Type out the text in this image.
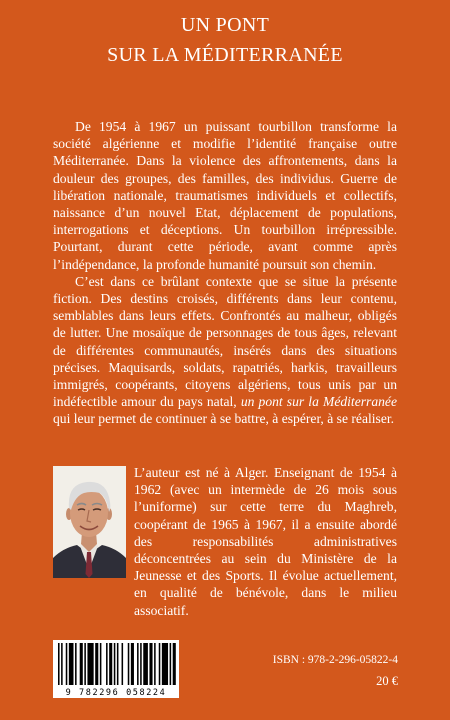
UN PONT
SUR LA MÉDITERRANÉE

De 1954 à 1967 un puissant tourbillon transforme la société algérienne et modifie l’identité française outre Méditerranée. Dans la violence des affrontements, dans la douleur des groupes, des familles, des individus. Guerre de libération nationale, traumatismes individuels et collectifs, naissance d’un nouvel Etat, déplacement de populations, interrogations et déceptions. Un tourbillon irrépressible. Pourtant, durant cette période, avant comme après l’indépendance, la profonde humanité poursuit son chemin.

C’est dans ce brûlant contexte que se situe la présente fiction. Des destins croisés, différents dans leur contenu, semblables dans leurs effets. Confrontés au malheur, obligés de lutter. Une mosaïque de personnages de tous âges, relevant de différentes communautés, insérés dans des situations précises. Maquisards, soldats, rapatriés, harkis, travailleurs immigrés, coopérants, citoyens algériens, tous unis par un indéfectible amour du pays natal, un pont sur la Méditerranée qui leur permet de continuer à se battre, à espérer, à se réaliser.

L’auteur est né à Alger. Enseignant de 1954 à 1962 (avec un intermède de 26 mois sous l’uniforme) sur cette terre du Maghreb, coopérant de 1965 à 1967, il a ensuite abordé des responsabilités administratives déconcentrées au sein du Ministère de la Jeunesse et des Sports. Il évolue actuellement, en qualité de bénévole, dans le milieu associatif.

9 782296 058224
ISBN : 978-2-296-05822-4
20 €
